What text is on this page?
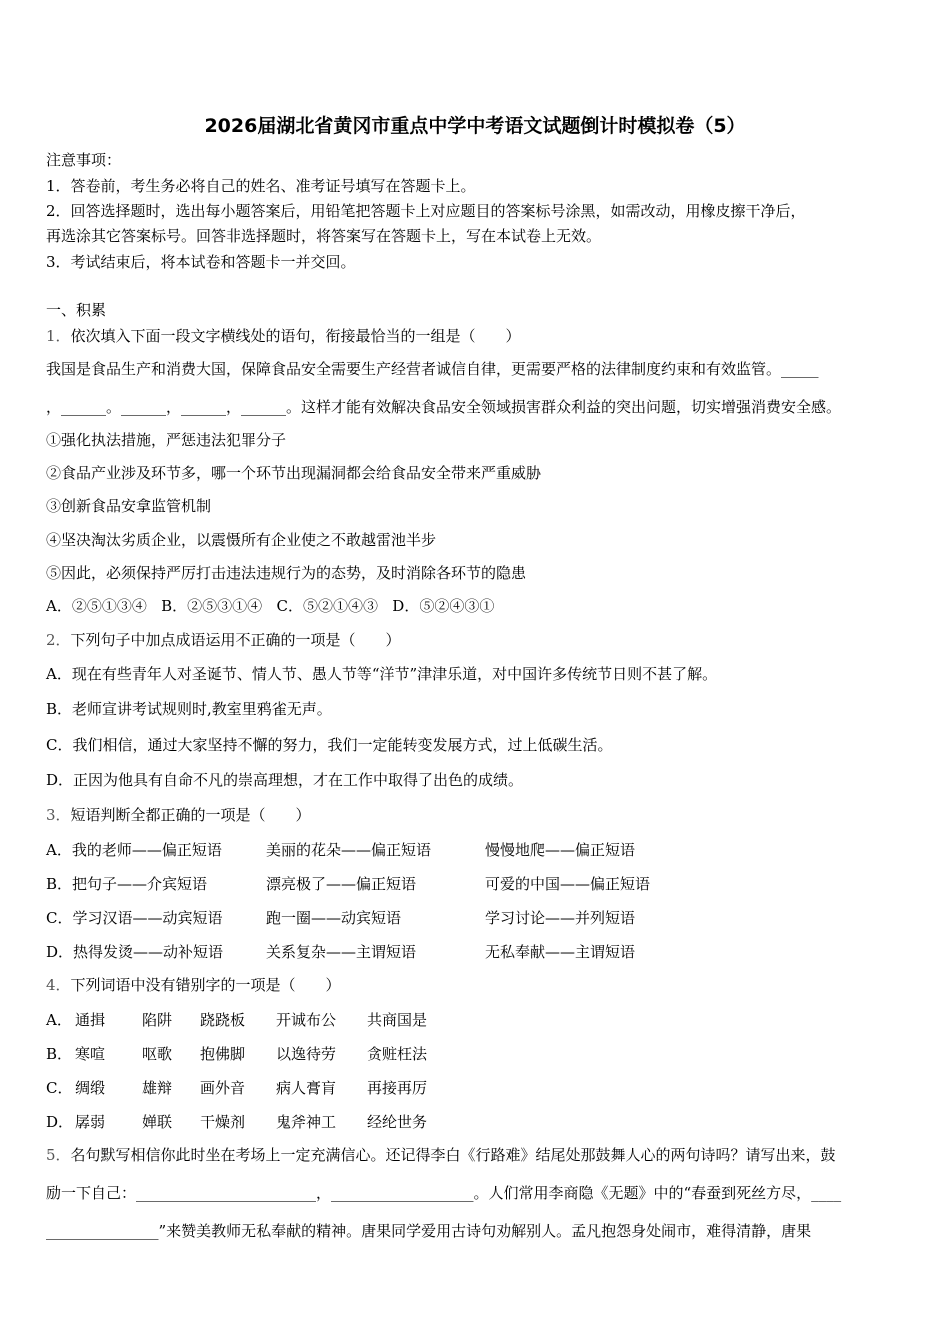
2026届湖北省黄冈市重点中学中考语文试题倒计时模拟卷（5）
注意事项：
1．答卷前，考生务必将自己的姓名、准考证号填写在答题卡上。
2．回答选择题时，选出每小题答案后，用铅笔把答题卡上对应题目的答案标号涂黑，如需改动，用橡皮擦干净后，
再选涂其它答案标号。回答非选择题时，将答案写在答题卡上，写在本试卷上无效。
3．考试结束后，将本试卷和答题卡一并交回。
一、积累
1．依次填入下面一段文字横线处的语句，衔接最恰当的一组是（　　）
我国是食品生产和消费大国，保障食品安全需要生产经营者诚信自律，更需要严格的法律制度约束和有效监管。_____
，______。______，______，______。这样才能有效解决食品安全领域损害群众利益的突出问题，切实增强消费安全感。
①强化执法措施，严惩违法犯罪分子
②食品产业涉及环节多，哪一个环节出现漏洞都会给食品安全带来严重威胁
③创新食品安拿监管机制
④坚决淘汰劣质企业，以震慑所有企业使之不敢越雷池半步
⑤因此，必须保持严厉打击违法违规行为的态势，及时消除各环节的隐患
A．②⑤①③④ B．②⑤③①④ C．⑤②①④③ D．⑤②④③①
2．下列句子中加点成语运用不正确的一项是（　　）
A．现在有些青年人对圣诞节、情人节、愚人节等“洋节”津津乐道，对中国许多传统节日则不甚了解。
B．老师宣讲考试规则时,教室里鸦雀无声。
C．我们相信，通过大家坚持不懈的努力，我们一定能转变发展方式，过上低碳生活。
D．正因为他具有自命不凡的崇高理想，才在工作中取得了出色的成绩。
3．短语判断全都正确的一项是（　　）
A．我的老师——偏正短语	美丽的花朵——偏正短语	慢慢地爬——偏正短语
B．把句子——介宾短语	漂亮极了——偏正短语	可爱的中国——偏正短语
C．学习汉语——动宾短语	跑一圈——动宾短语	学习讨论——并列短语
D．热得发烫——动补短语	关系复杂——主谓短语	无私奉献——主谓短语
4．下列词语中没有错别字的一项是（　　）
A． 通揖 陷阱 跷跷板 开诚布公 共商国是
B． 寒喧 呕歌 抱佛脚 以逸待劳 贪赃枉法
C． 绸缎 雄辩 画外音 病人膏肓 再接再厉
D． 孱弱 婵联 干燥剂 鬼斧神工 经纶世务
5．名句默写相信你此时坐在考场上一定充满信心。还记得李白《行路难》结尾处那鼓舞人心的两句诗吗？请写出来，鼓
励一下自己：________________________，___________________。人们常用李商隐《无题》中的“春蚕到死丝方尽，____
_______________”来赞美教师无私奉献的精神。唐果同学爱用古诗句劝解别人。孟凡抱怨身处闹市，难得清静，唐果
